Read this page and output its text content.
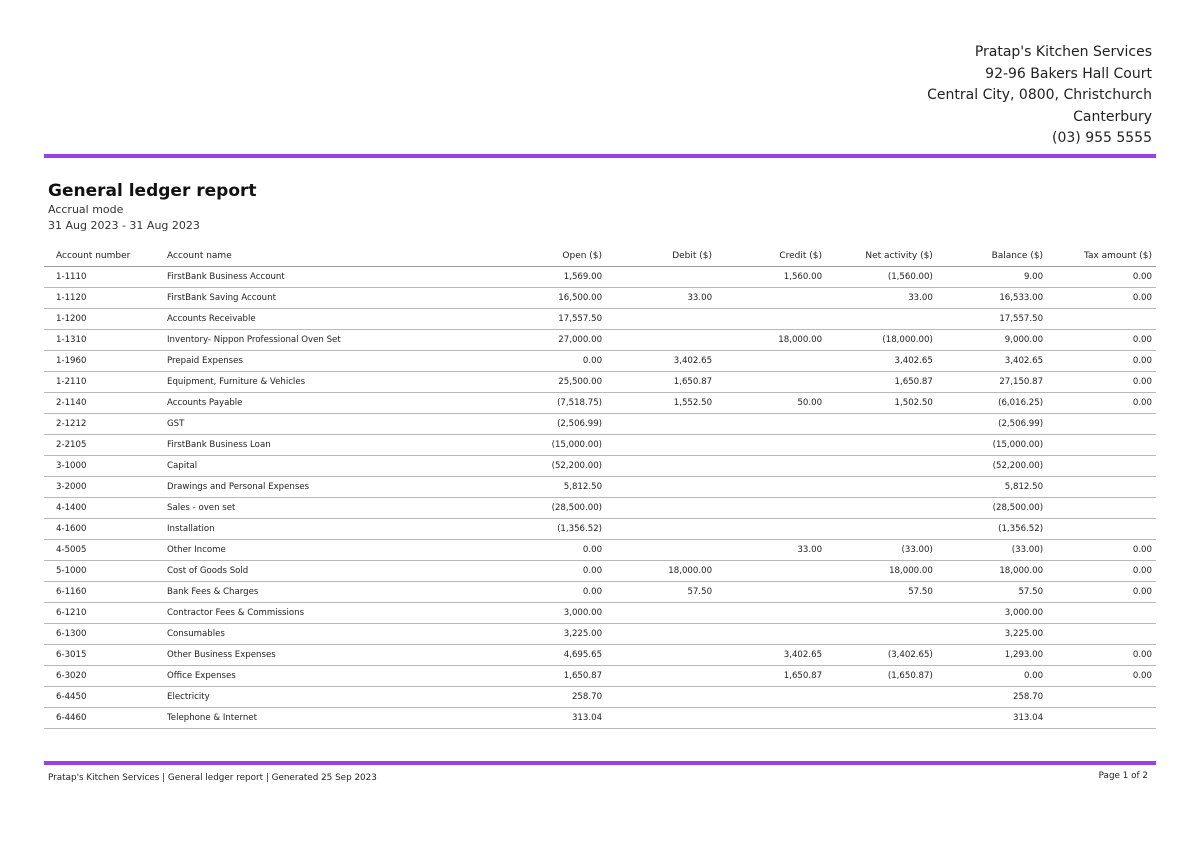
Pratap's Kitchen Services
92-96 Bakers Hall Court
Central City, 0800, Christchurch
Canterbury
(03) 955 5555
General ledger report
Accrual mode
31 Aug 2023 - 31 Aug 2023
Account number	Account name	Open ($)	Debit ($)	Credit ($)	Net activity ($)	Balance ($)	Tax amount ($)
1-1110	FirstBank Business Account	1,569.00		1,560.00	(1,560.00)	9.00	0.00
1-1120	FirstBank Saving Account	16,500.00	33.00		33.00	16,533.00	0.00
1-1200	Accounts Receivable	17,557.50				17,557.50	
1-1310	Inventory- Nippon Professional Oven Set	27,000.00		18,000.00	(18,000.00)	9,000.00	0.00
1-1960	Prepaid Expenses	0.00	3,402.65		3,402.65	3,402.65	0.00
1-2110	Equipment, Furniture & Vehicles	25,500.00	1,650.87		1,650.87	27,150.87	0.00
2-1140	Accounts Payable	(7,518.75)	1,552.50	50.00	1,502.50	(6,016.25)	0.00
2-1212	GST	(2,506.99)				(2,506.99)	
2-2105	FirstBank Business Loan	(15,000.00)				(15,000.00)	
3-1000	Capital	(52,200.00)				(52,200.00)	
3-2000	Drawings and Personal Expenses	5,812.50				5,812.50	
4-1400	Sales - oven set	(28,500.00)				(28,500.00)	
4-1600	Installation	(1,356.52)				(1,356.52)	
4-5005	Other Income	0.00		33.00	(33.00)	(33.00)	0.00
5-1000	Cost of Goods Sold	0.00	18,000.00		18,000.00	18,000.00	0.00
6-1160	Bank Fees & Charges	0.00	57.50		57.50	57.50	0.00
6-1210	Contractor Fees & Commissions	3,000.00				3,000.00	
6-1300	Consumables	3,225.00				3,225.00	
6-3015	Other Business Expenses	4,695.65		3,402.65	(3,402.65)	1,293.00	0.00
6-3020	Office Expenses	1,650.87		1,650.87	(1,650.87)	0.00	0.00
6-4450	Electricity	258.70				258.70	
6-4460	Telephone & Internet	313.04				313.04	
Pratap's Kitchen Services | General ledger report | Generated 25 Sep 2023	Page 1 of 2
